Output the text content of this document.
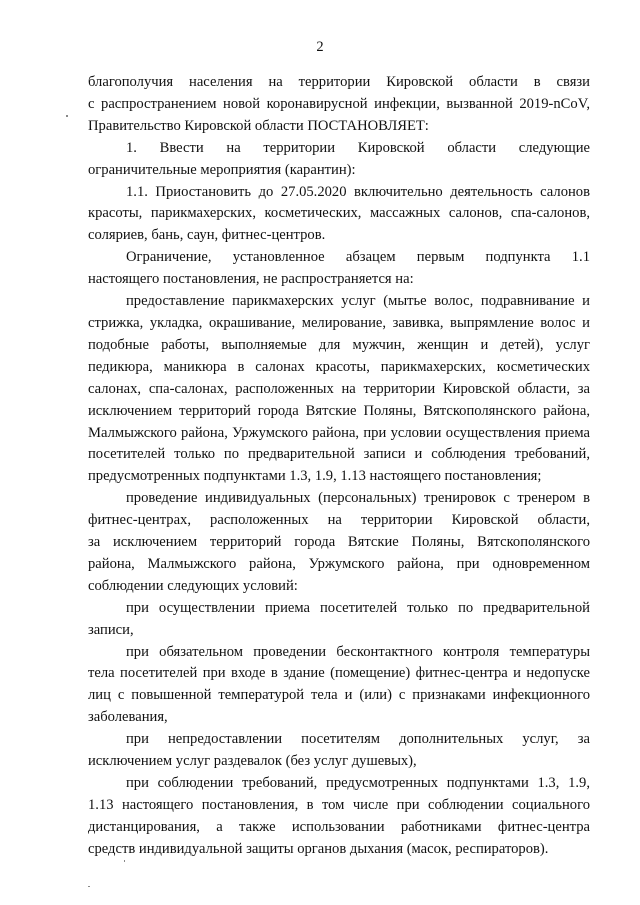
2
благополучия населения на территории Кировской области в связи
с распространением новой коронавирусной инфекции, вызванной 2019-nCoV,
Правительство Кировской области ПОСТАНОВЛЯЕТ:
1. Ввести на территории Кировской области следующие
ограничительные мероприятия (карантин):
1.1. Приостановить до 27.05.2020 включительно деятельность салонов
красоты, парикмахерских, косметических, массажных салонов, спа-салонов,
соляриев, бань, саун, фитнес-центров.
Ограничение, установленное абзацем первым подпункта 1.1
настоящего постановления, не распространяется на:
предоставление парикмахерских услуг (мытье волос, подравнивание и
стрижка, укладка, окрашивание, мелирование, завивка, выпрямление волос и
подобные работы, выполняемые для мужчин, женщин и детей), услуг
педикюра, маникюра в салонах красоты, парикмахерских, косметических
салонах, спа-салонах, расположенных на территории Кировской области, за
исключением территорий города Вятские Поляны, Вятскополянского района,
Малмыжского района, Уржумского района, при условии осуществления приема
посетителей только по предварительной записи и соблюдения требований,
предусмотренных подпунктами 1.3, 1.9, 1.13 настоящего постановления;
проведение индивидуальных (персональных) тренировок с тренером в
фитнес-центрах, расположенных на территории Кировской области,
за исключением территорий города Вятские Поляны, Вятскополянского
района, Малмыжского района, Уржумского района, при одновременном
соблюдении следующих условий:
при осуществлении приема посетителей только по предварительной
записи,
при обязательном проведении бесконтактного контроля температуры
тела посетителей при входе в здание (помещение) фитнес-центра и недопуске
лиц с повышенной температурой тела и (или) с признаками инфекционного
заболевания,
при непредоставлении посетителям дополнительных услуг, за
исключением услуг раздевалок (без услуг душевых),
при соблюдении требований, предусмотренных подпунктами 1.3, 1.9,
1.13 настоящего постановления, в том числе при соблюдении социального
дистанцирования, а также использовании работниками фитнес-центра
средств индивидуальной защиты органов дыхания (масок, респираторов).
